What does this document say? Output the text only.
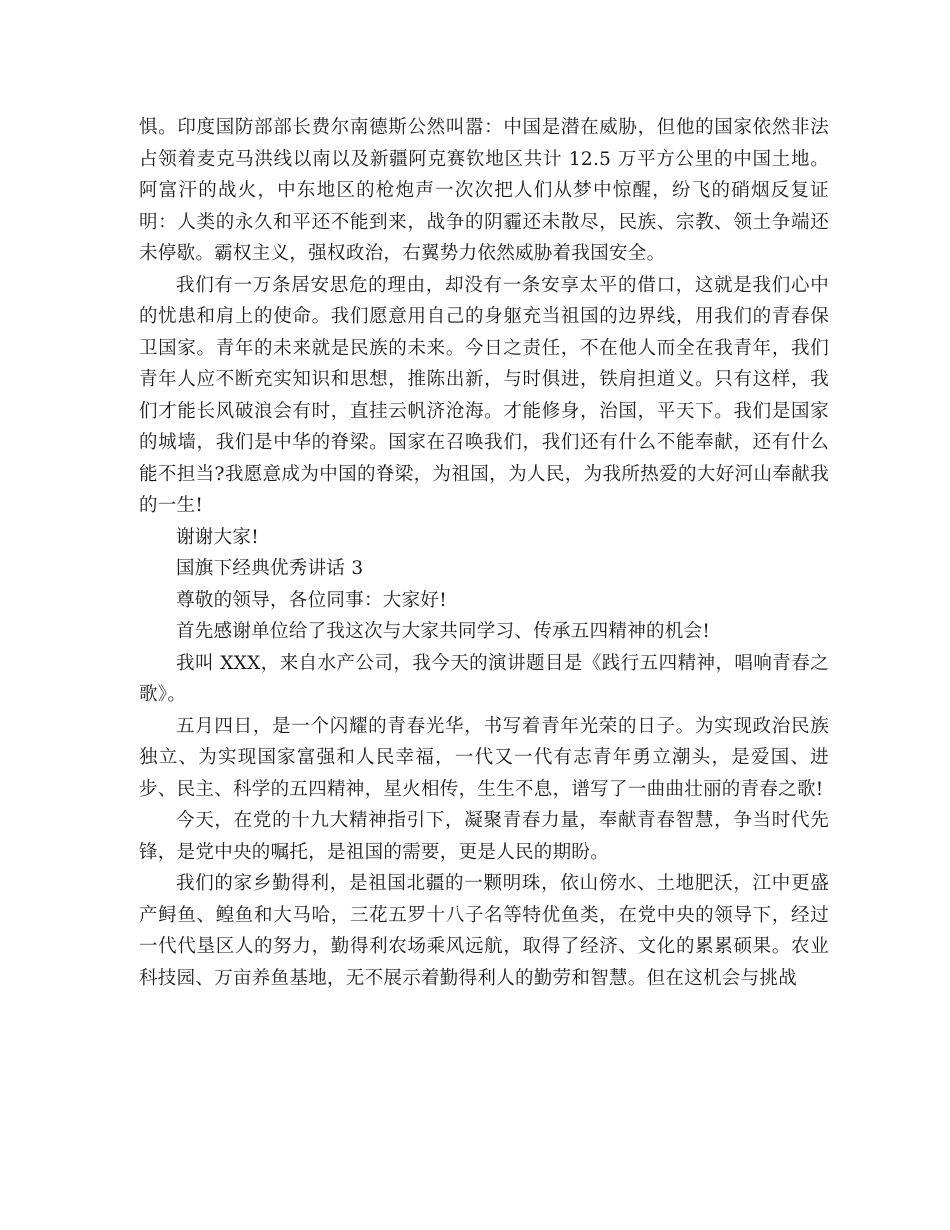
惧。印度国防部部长费尔南德斯公然叫嚣：中国是潜在威胁，但他的国家依然非法占领着麦克马洪线以南以及新疆阿克赛钦地区共计 12.5 万平方公里的中国土地。阿富汗的战火，中东地区的枪炮声一次次把人们从梦中惊醒，纷飞的硝烟反复证明：人类的永久和平还不能到来，战争的阴霾还未散尽，民族、宗教、领土争端还未停歇。霸权主义，强权政治，右翼势力依然威胁着我国安全。

我们有一万条居安思危的理由，却没有一条安享太平的借口，这就是我们心中的忧患和肩上的使命。我们愿意用自己的身躯充当祖国的边界线，用我们的青春保卫国家。青年的未来就是民族的未来。今日之责任，不在他人而全在我青年，我们青年人应不断充实知识和思想，推陈出新，与时俱进，铁肩担道义。只有这样，我们才能长风破浪会有时，直挂云帆济沧海。才能修身，治国，平天下。我们是国家的城墙，我们是中华的脊梁。国家在召唤我们，我们还有什么不能奉献，还有什么能不担当?我愿意成为中国的脊梁，为祖国，为人民，为我所热爱的大好河山奉献我的一生!

谢谢大家!

国旗下经典优秀讲话 3

尊敬的领导，各位同事：大家好!

首先感谢单位给了我这次与大家共同学习、传承五四精神的机会!

我叫 XXX，来自水产公司，我今天的演讲题目是《践行五四精神，唱响青春之歌》。

五月四日，是一个闪耀的青春光华，书写着青年光荣的日子。为实现政治民族独立、为实现国家富强和人民幸福，一代又一代有志青年勇立潮头，是爱国、进步、民主、科学的五四精神，星火相传，生生不息，谱写了一曲曲壮丽的青春之歌!

今天，在党的十九大精神指引下，凝聚青春力量，奉献青春智慧，争当时代先锋，是党中央的嘱托，是祖国的需要，更是人民的期盼。

我们的家乡勤得利，是祖国北疆的一颗明珠，依山傍水、土地肥沃，江中更盛产鲟鱼、鳇鱼和大马哈，三花五罗十八子名等特优鱼类，在党中央的领导下，经过一代代垦区人的努力，勤得利农场乘风远航，取得了经济、文化的累累硕果。农业科技园、万亩养鱼基地，无不展示着勤得利人的勤劳和智慧。但在这机会与挑战
